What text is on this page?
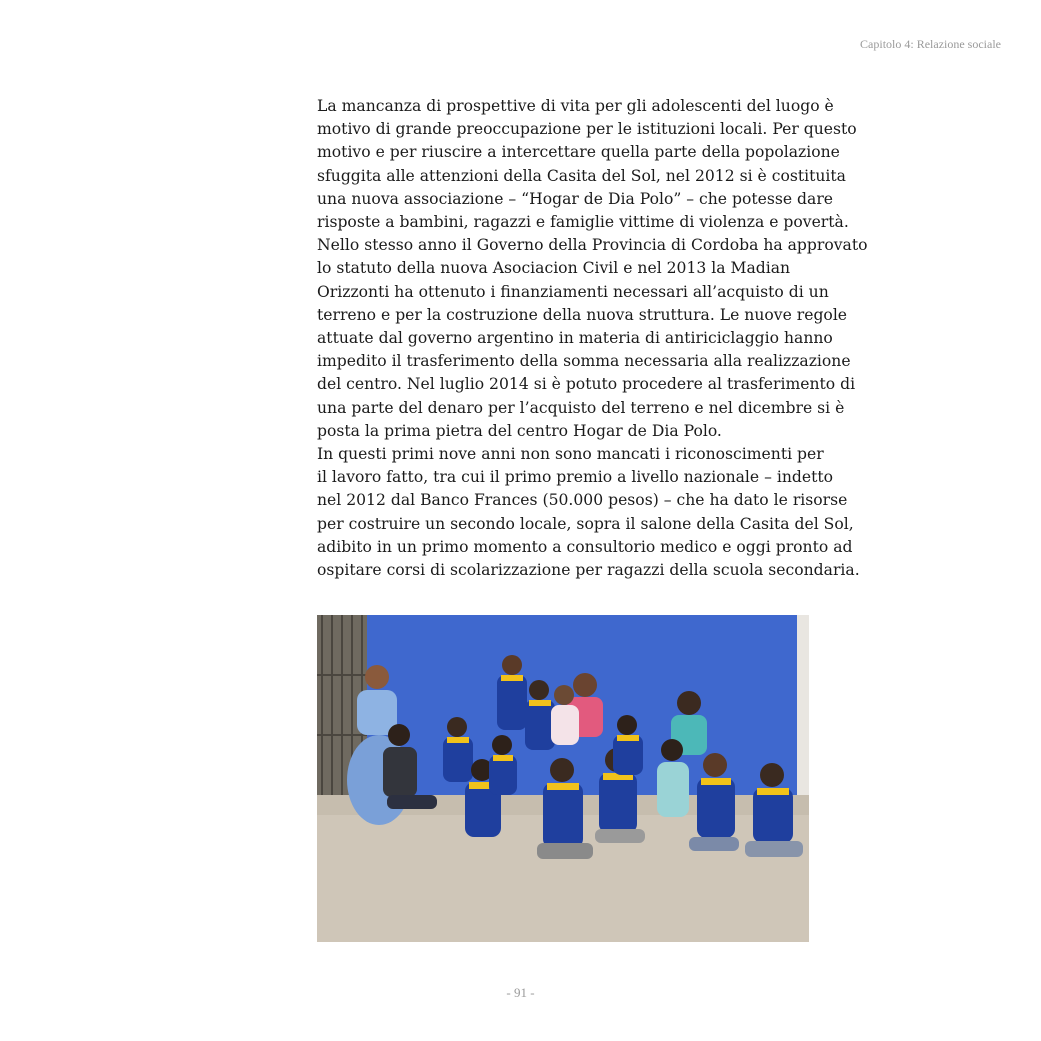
Capitolo 4: Relazione sociale
La mancanza di prospettive di vita per gli adolescenti del luogo è
motivo di grande preoccupazione per le istituzioni locali. Per questo
motivo e per riuscire a intercettare quella parte della popolazione
sfuggita alle attenzioni della Casita del Sol, nel 2012 si è costituita
una nuova associazione – “Hogar de Dia Polo” – che potesse dare
risposte a bambini, ragazzi e famiglie vittime di violenza e povertà.
Nello stesso anno il Governo della Provincia di Cordoba ha approvato
lo statuto della nuova Asociacion Civil e nel 2013 la Madian
Orizzonti ha ottenuto i finanziamenti necessari all’acquisto di un
terreno e per la costruzione della nuova struttura. Le nuove regole
attuate dal governo argentino in materia di antiriciclaggio hanno
impedito il trasferimento della somma necessaria alla realizzazione
del centro. Nel luglio 2014 si è potuto procedere al trasferimento di
una parte del denaro per l’acquisto del terreno e nel dicembre si è
posta la prima pietra del centro Hogar de Dia Polo.
In questi primi nove anni non sono mancati i riconoscimenti per
il lavoro fatto, tra cui il primo premio a livello nazionale – indetto
nel 2012 dal Banco Frances (50.000 pesos) – che ha dato le risorse
per costruire un secondo locale, sopra il salone della Casita del Sol,
adibito in un primo momento a consultorio medico e oggi pronto ad
ospitare corsi di scolarizzazione per ragazzi della scuola secondaria.
- 91 -
